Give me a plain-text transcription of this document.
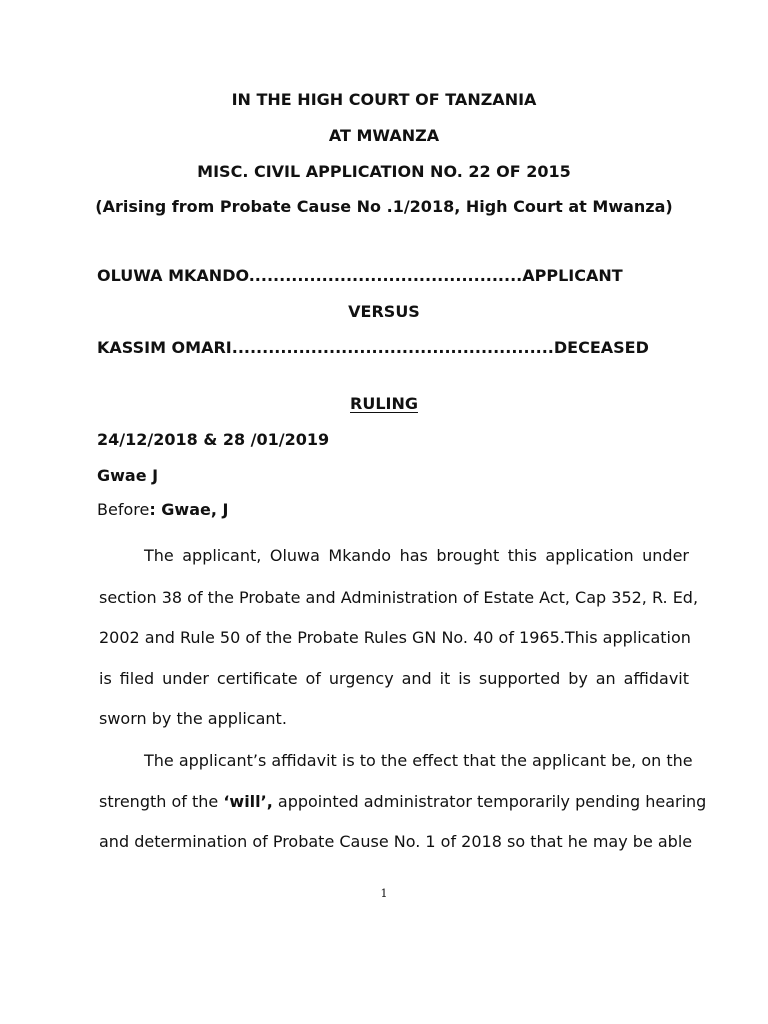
IN THE HIGH COURT OF TANZANIA
AT MWANZA
MISC. CIVIL APPLICATION NO. 22 OF 2015
(Arising from Probate Cause No .1/2018, High Court at Mwanza)
OLUWA MKANDO.............................................APPLICANT
VERSUS
KASSIM OMARI.....................................................DECEASED
RULING
24/12/2018 & 28 /01/2019
Gwae J
Before: Gwae, J
The applicant, Oluwa Mkando has brought this application under
section 38 of the Probate and Administration of Estate Act, Cap 352, R. Ed,
2002 and Rule 50 of the Probate Rules GN No. 40 of 1965.This application
is filed under certificate of urgency and it is supported by an affidavit
sworn by the applicant.
The applicant’s affidavit is to the effect that the applicant be, on the
strength of the ‘will’, appointed administrator temporarily pending hearing
and determination of Probate Cause No. 1 of 2018 so that he may be able
1
